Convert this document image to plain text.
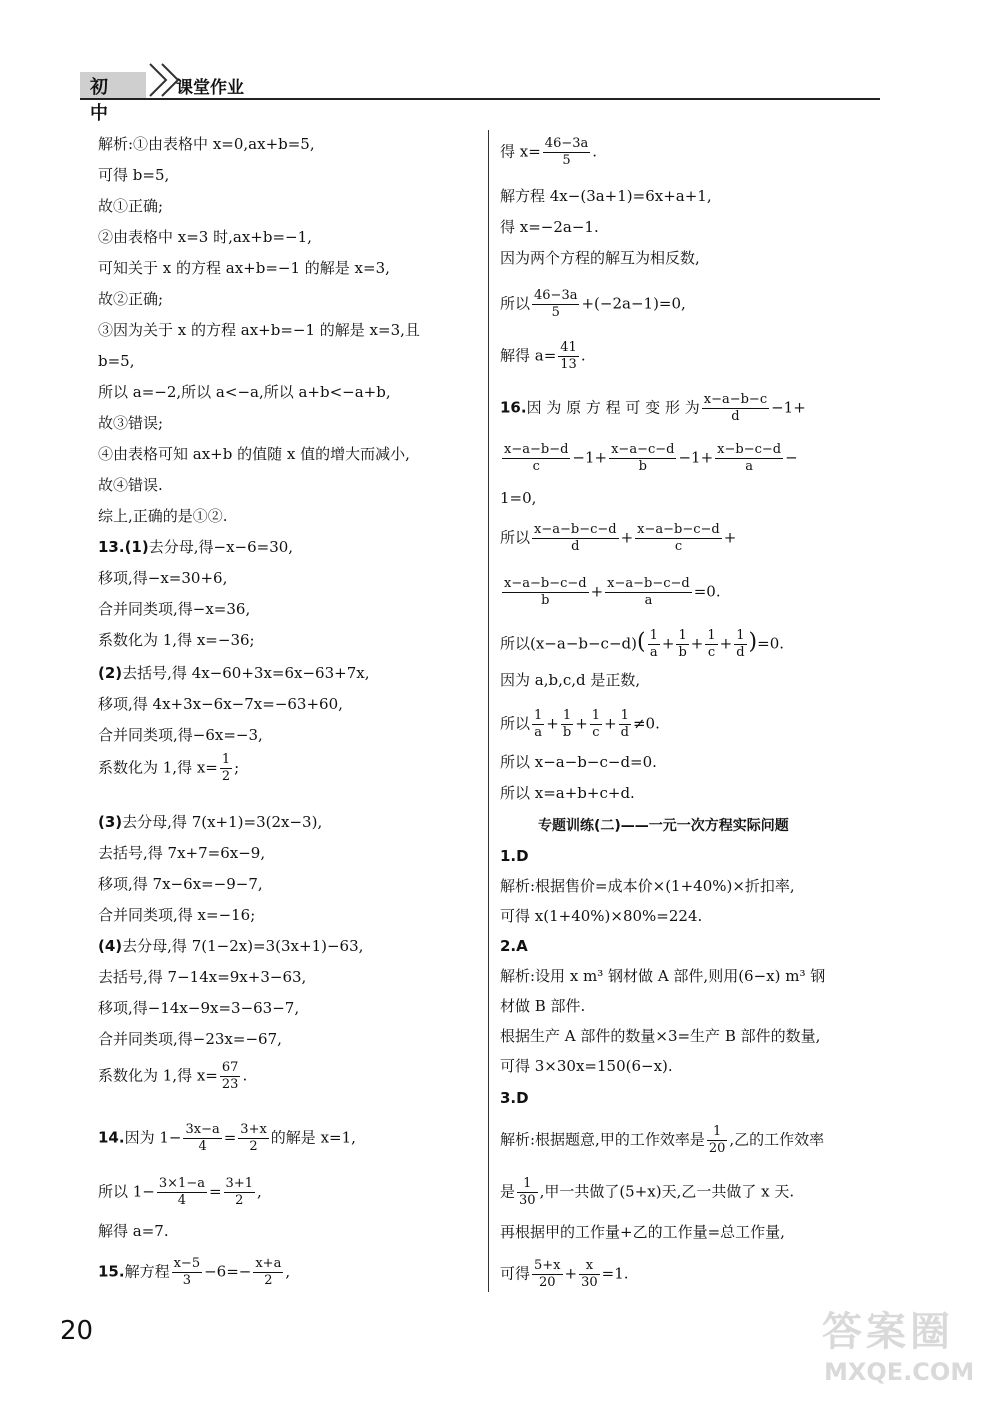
初 中
课堂作业
解析:①由表格中 x=0,ax+b=5,
可得 b=5,
故①正确;
②由表格中 x=3 时,ax+b=−1,
可知关于 x 的方程 ax+b=−1 的解是 x=3,
故②正确;
③因为关于 x 的方程 ax+b=−1 的解是 x=3,且
b=5,
所以 a=−2,所以 a<−a,所以 a+b<−a+b,
故③错误;
④由表格可知 ax+b 的值随 x 值的增大而减小,
故④错误.
综上,正确的是①②.
13.(1)去分母,得−x−6=30,
移项,得−x=30+6,
合并同类项,得−x=36,
系数化为 1,得 x=−36;
(2)去括号,得 4x−60+3x=6x−63+7x,
移项,得 4x+3x−6x−7x=−63+60,
合并同类项,得−6x=−3,
系数化为 1,得 $x= \frac{1}{2}$ ;
(3)去分母,得 7(x+1)=3(2x−3),
去括号,得 7x+7=6x−9,
移项,得 7x−6x=−9−7,
合并同类项,得 x=−16;
(4)去分母,得 7(1−2x)=3(3x+1)−63,
去括号,得 7−14x=9x+3−63,
移项,得−14x−9x=3−63−7,
合并同类项,得−23x=−67,
系数化为 1,得 $x= \frac{67}{23}$ .
14.因为 $1- \frac{3x-a}{4} = \frac{3+x}{2}$ 的解是 x=1,
所以 $1- \frac{3\times 1-a}{4} = \frac{3+1}{2}$ ,
解得 a=7.
15.解方程 $\frac{x-5}{3} -6=- \frac{x+a}{2}$ ,
得 $x= \frac{46-3a}{5}$ .
解方程 4x−(3a+1)=6x+a+1,
得 x=−2a−1.
因为两个方程的解互为相反数,
所以 $\frac{46-3a}{5} +(-2a-1)=0$,
解得 $a= \frac{41}{13}$ .
16.因 为 原 方 程 可 变 形 为 $\frac{x-a-b-c}{d} -1+$
$\frac{x-a-b-d}{c} -1+ \frac{x-a-c-d}{b} -1+ \frac{x-b-c-d}{a}$ −
1=0,
所以 $\frac{x-a-b-c-d}{d} + \frac{x-a-b-c-d}{c}$ +
$\frac{x-a-b-c-d}{b} + \frac{x-a-b-c-d}{a} =0$.
所以$(x-a-b-c-d)( \frac{1}{a} + \frac{1}{b} + \frac{1}{c} + \frac{1}{d} )=0$.
因为 a,b,c,d 是正数,
所以 $\frac{1}{a} + \frac{1}{b} + \frac{1}{c} + \frac{1}{d} \ne 0$.
所以 x−a−b−c−d=0.
所以 x=a+b+c+d.
专题训练(二)——一元一次方程实际问题
1.D
解析:根据售价=成本价×(1+40%)×折扣率,
可得 x(1+40%)×80%=224.
2.A
解析:设用 x m³ 钢材做 A 部件,则用(6−x) m³ 钢
材做 B 部件.
根据生产 A 部件的数量×3=生产 B 部件的数量,
可得 3×30x=150(6−x).
3.D
解析:根据题意,甲的工作效率是 $\frac{1}{20}$ ,乙的工作效率
是 $\frac{1}{30}$ ,甲一共做了(5+x)天,乙一共做了 x 天.
再根据甲的工作量+乙的工作量=总工作量,
可得 $\frac{5+x}{20} + \frac{x}{30} =1$.
20	答案圈
MXQE.COM
